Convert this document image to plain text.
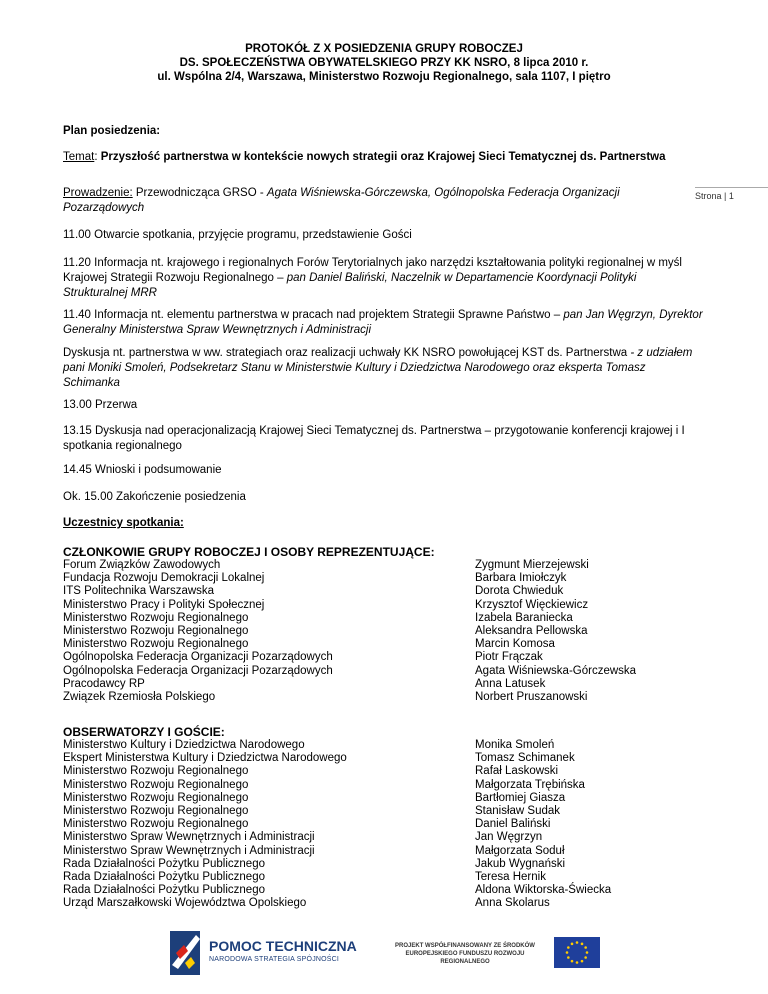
PROTOKÓŁ Z X POSIEDZENIA GRUPY ROBOCZEJ
DS. SPOŁECZEŃSTWA OBYWATELSKIEGO PRZY KK NSRO, 8 lipca 2010 r.
ul. Wspólna 2/4, Warszawa, Ministerstwo Rozwoju Regionalnego, sala 1107, I piętro
Plan posiedzenia:
Temat: Przyszłość partnerstwa w kontekście nowych strategii oraz Krajowej Sieci Tematycznej ds. Partnerstwa
Prowadzenie: Przewodnicząca GRSO - Agata Wiśniewska-Górczewska, Ogólnopolska Federacja Organizacji Pozarządowych
Strona | 1
11.00 Otwarcie spotkania, przyjęcie programu, przedstawienie Gości
11.20 Informacja nt. krajowego i regionalnych Forów Terytorialnych jako narzędzi kształtowania polityki regionalnej w myśl Krajowej Strategii Rozwoju Regionalnego – pan Daniel Baliński, Naczelnik w Departamencie Koordynacji Polityki Strukturalnej MRR
11.40 Informacja nt. elementu partnerstwa w pracach nad projektem Strategii Sprawne Państwo – pan Jan Węgrzyn, Dyrektor Generalny Ministerstwa Spraw Wewnętrznych i Administracji
Dyskusja nt. partnerstwa w ww. strategiach oraz realizacji uchwały KK NSRO powołującej KST ds. Partnerstwa - z udziałem pani Moniki Smoleń, Podsekretarz Stanu w Ministerstwie Kultury i Dziedzictwa Narodowego oraz eksperta Tomasz Schimanka
13.00 Przerwa
13.15 Dyskusja nad operacjonalizacją Krajowej Sieci Tematycznej ds. Partnerstwa – przygotowanie konferencji krajowej i I spotkania regionalnego
14.45 Wnioski i podsumowanie
Ok. 15.00 Zakończenie posiedzenia
Uczestnicy spotkania:
CZŁONKOWIE GRUPY ROBOCZEJ I OSOBY REPREZENTUJĄCE:
Forum Związków Zawodowych
Fundacja Rozwoju Demokracji Lokalnej
ITS Politechnika Warszawska
Ministerstwo Pracy i Polityki Społecznej
Ministerstwo Rozwoju Regionalnego
Ministerstwo Rozwoju Regionalnego
Ministerstwo Rozwoju Regionalnego
Ogólnopolska Federacja Organizacji Pozarządowych
Ogólnopolska Federacja Organizacji Pozarządowych
Pracodawcy RP
Związek Rzemiosła Polskiego
Zygmunt Mierzejewski
Barbara Imiołczyk
Dorota Chwieduk
Krzysztof Więckiewicz
Izabela Baraniecka
Aleksandra Pellowska
Marcin Komosa
Piotr Frączak
Agata Wiśniewska-Górczewska
Anna Latusek
Norbert Pruszanowski
OBSERWATORZY I GOŚCIE:
Ministerstwo Kultury i Dziedzictwa Narodowego
Ekspert Ministerstwa Kultury i Dziedzictwa Narodowego
Ministerstwo Rozwoju Regionalnego
Ministerstwo Rozwoju Regionalnego
Ministerstwo Rozwoju Regionalnego
Ministerstwo Rozwoju Regionalnego
Ministerstwo Rozwoju Regionalnego
Ministerstwo Spraw Wewnętrznych i Administracji
Ministerstwo Spraw Wewnętrznych i Administracji
Rada Działalności Pożytku Publicznego
Rada Działalności Pożytku Publicznego
Rada Działalności Pożytku Publicznego
Urząd Marszałkowski Województwa Opolskiego
Monika Smoleń
Tomasz Schimanek
Rafał Laskowski
Małgorzata Trębińska
Bartłomiej Giasza
Stanisław Sudak
Daniel Baliński
Jan Węgrzyn
Małgorzata Soduł
Jakub Wygnański
Teresa Hernik
Aldona Wiktorska-Świecka
Anna Skolarus
POMOC TECHNICZNA
NARODOWA STRATEGIA SPÓJNOŚCI
PROJEKT WSPÓŁFINANSOWANY ZE ŚRODKÓW
EUROPEJSKIEGO FUNDUSZU ROZWOJU REGIONALNEGO
